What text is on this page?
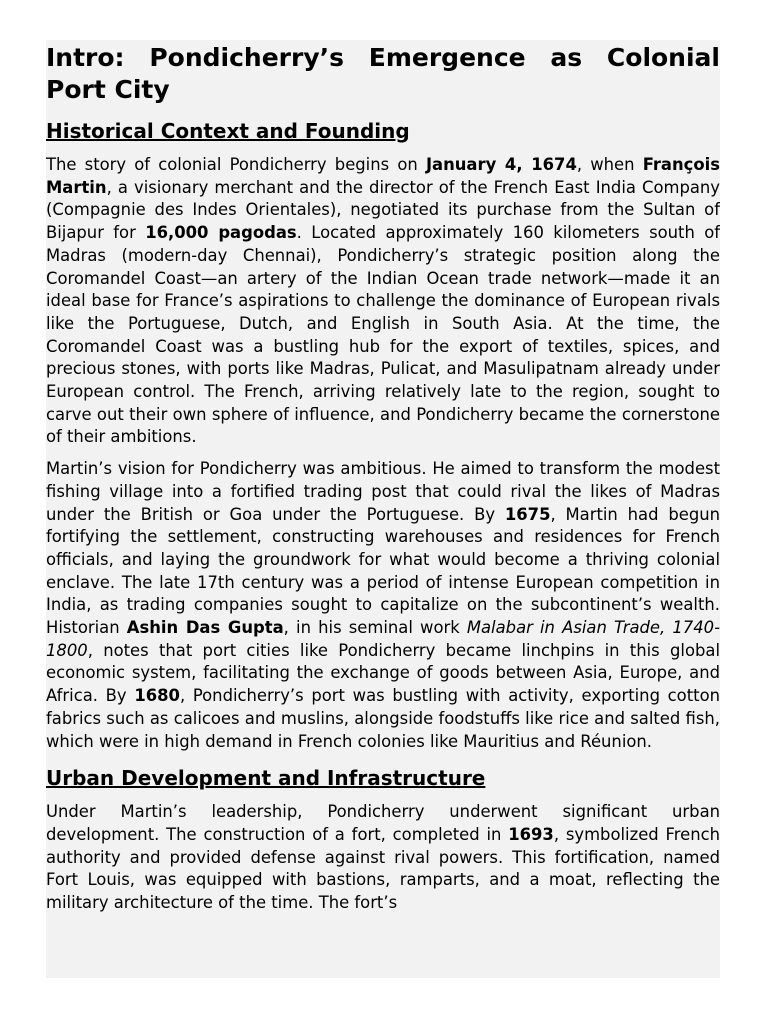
Intro: Pondicherry’s Emergence as Colonial Port City
Historical Context and Founding

The story of colonial Pondicherry begins on January 4, 1674, when François Martin, a visionary merchant and the director of the French East India Company (Compagnie des Indes Orientales), negotiated its purchase from the Sultan of Bijapur for 16,000 pagodas. Located approximately 160 kilometers south of Madras (modern-day Chennai), Pondicherry’s strategic position along the Coromandel Coast—an artery of the Indian Ocean trade network—made it an ideal base for France’s aspirations to challenge the dominance of European rivals like the Portuguese, Dutch, and English in South Asia. At the time, the Coromandel Coast was a bustling hub for the export of textiles, spices, and precious stones, with ports like Madras, Pulicat, and Masulipatnam already under European control. The French, arriving relatively late to the region, sought to carve out their own sphere of influence, and Pondicherry became the cornerstone of their ambitions.

Martin’s vision for Pondicherry was ambitious. He aimed to transform the modest fishing village into a fortified trading post that could rival the likes of Madras under the British or Goa under the Portuguese. By 1675, Martin had begun fortifying the settlement, constructing warehouses and residences for French officials, and laying the groundwork for what would become a thriving colonial enclave. The late 17th century was a period of intense European competition in India, as trading companies sought to capitalize on the subcontinent’s wealth. Historian Ashin Das Gupta, in his seminal work Malabar in Asian Trade, 1740-1800, notes that port cities like Pondicherry became linchpins in this global economic system, facilitating the exchange of goods between Asia, Europe, and Africa. By 1680, Pondicherry’s port was bustling with activity, exporting cotton fabrics such as calicoes and muslins, alongside foodstuffs like rice and salted fish, which were in high demand in French colonies like Mauritius and Réunion.

Urban Development and Infrastructure

Under Martin’s leadership, Pondicherry underwent significant urban development. The construction of a fort, completed in 1693, symbolized French authority and provided defense against rival powers. This fortification, named Fort Louis, was equipped with bastions, ramparts, and a moat, reflecting the military architecture of the time. The fort’s
